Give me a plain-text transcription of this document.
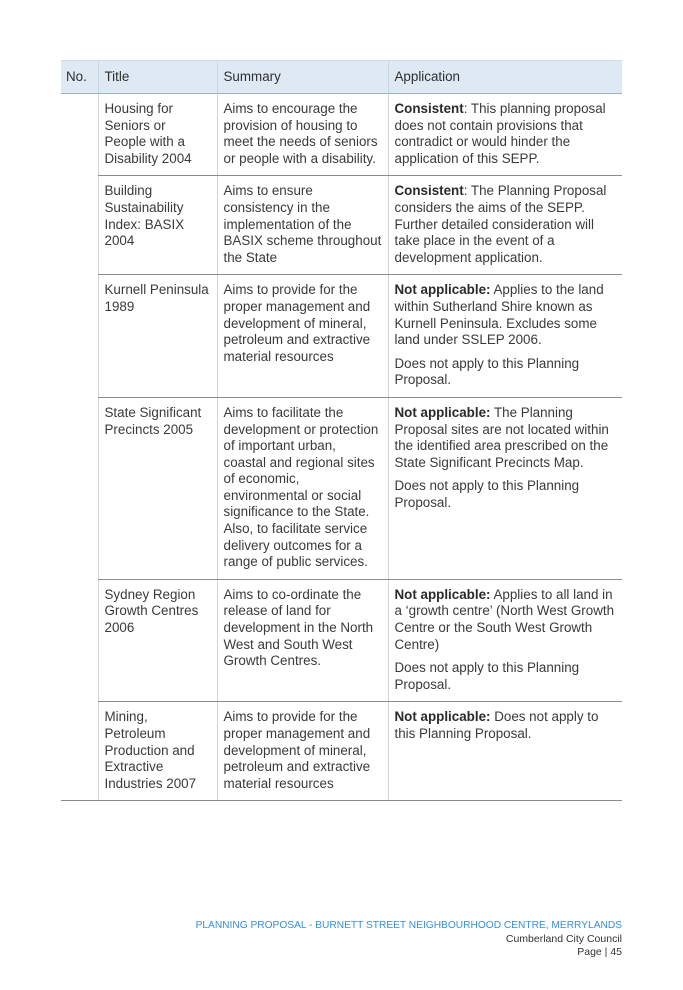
No.	Title	Summary	Application
	Housing for Seniors or People with a Disability 2004	Aims to encourage the provision of housing to meet the needs of seniors or people with a disability.	Consistent: This planning proposal does not contain provisions that contradict or would hinder the application of this SEPP.

	Building Sustainability Index: BASIX 2004	Aims to ensure consistency in the implementation of the BASIX scheme throughout the State	Consistent: The Planning Proposal considers the aims of the SEPP. Further detailed consideration will take place in the event of a development application.

	Kurnell Peninsula 1989	Aims to provide for the proper management and development of mineral, petroleum and extractive material resources	Not applicable: Applies to the land within Sutherland Shire known as Kurnell Peninsula. Excludes some land under SSLEP 2006.

Does not apply to this Planning Proposal.

	State Significant Precincts 2005	Aims to facilitate the development or protection of important urban, coastal and regional sites of economic, environmental or social significance to the State. Also, to facilitate service delivery outcomes for a range of public services.	Not applicable: The Planning Proposal sites are not located within the identified area prescribed on the State Significant Precincts Map.

Does not apply to this Planning Proposal.

	Sydney Region Growth Centres 2006	Aims to co-ordinate the release of land for development in the North West and South West Growth Centres.	Not applicable: Applies to all land in a ‘growth centre’ (North West Growth Centre or the South West Growth Centre)

Does not apply to this Planning Proposal.

	Mining, Petroleum Production and Extractive Industries 2007	Aims to provide for the proper management and development of mineral, petroleum and extractive material resources	Not applicable: Does not apply to this Planning Proposal.

PLANNING PROPOSAL - BURNETT STREET NEIGHBOURHOOD CENTRE, MERRYLANDS
Cumberland City Council
Page | 45
